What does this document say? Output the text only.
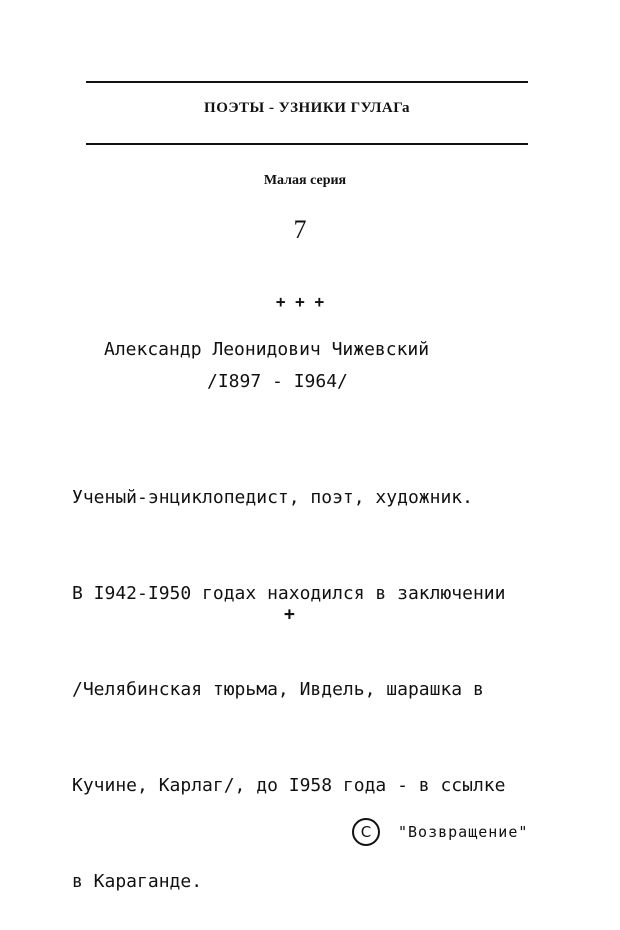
ПОЭТЫ - УЗНИКИ ГУЛАГа
Малая серия
7
+ + +
Александр Леонидович Чижевский
/I897 - I964/

Ученый-энциклопедист, поэт, художник.

В I942-I950 годах находился в заключении

/Челябинская тюрьма, Ивдель, шарашка в

Кучине, Карлаг/, до I958 года - в ссылке

в Караганде.

+
C	"Возвращение"
